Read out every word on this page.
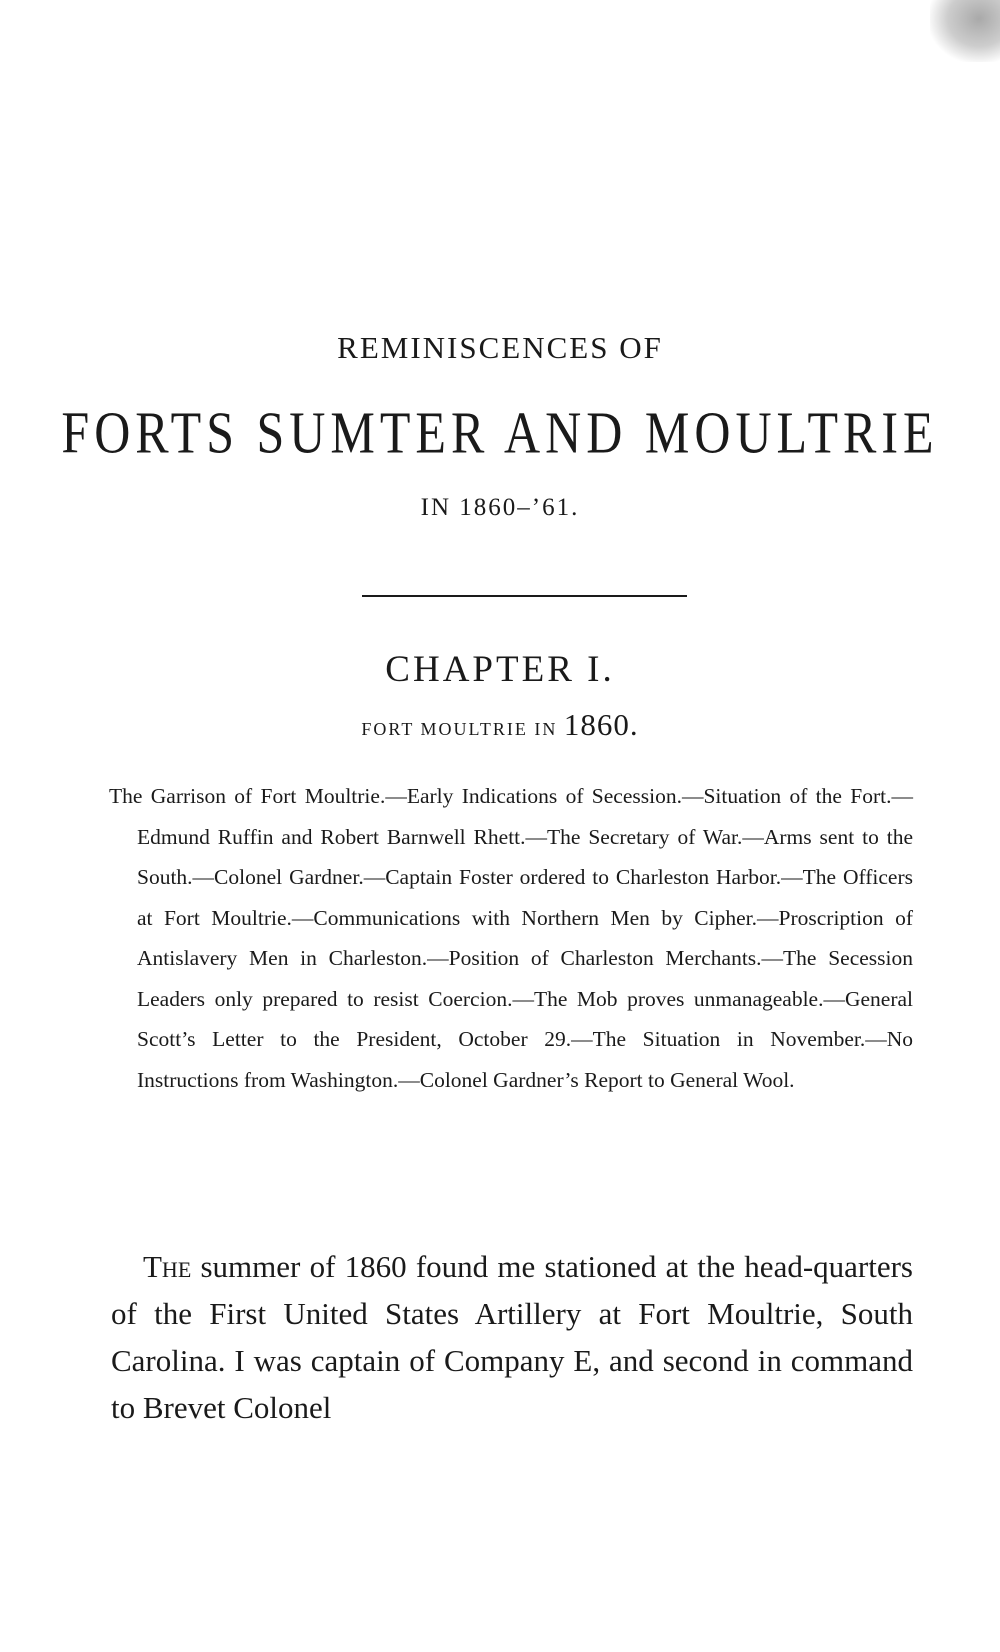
REMINISCENCES OF
FORTS SUMTER AND MOULTRIE
IN 1860–’61.
CHAPTER I.
FORT MOULTRIE IN 1860.
The Garrison of Fort Moultrie.—Early Indications of Secession.—Situation of the Fort.—Edmund Ruffin and Robert Barnwell Rhett.—The Secretary of War.—Arms sent to the South.—Colonel Gardner.—Captain Foster ordered to Charleston Harbor.—The Officers at Fort Moultrie.—Communications with Northern Men by Cipher.—Proscription of Antislavery Men in Charleston.—Position of Charleston Merchants.—The Secession Leaders only prepared to resist Coercion.—The Mob proves unmanageable.—General Scott’s Letter to the President, October 29.—The Situation in November.—No Instructions from Washington.—Colonel Gardner’s Report to General Wool.
The summer of 1860 found me stationed at the head-quarters of the First United States Artillery at Fort Moultrie, South Carolina. I was captain of Company E, and second in command to Brevet Colonel
